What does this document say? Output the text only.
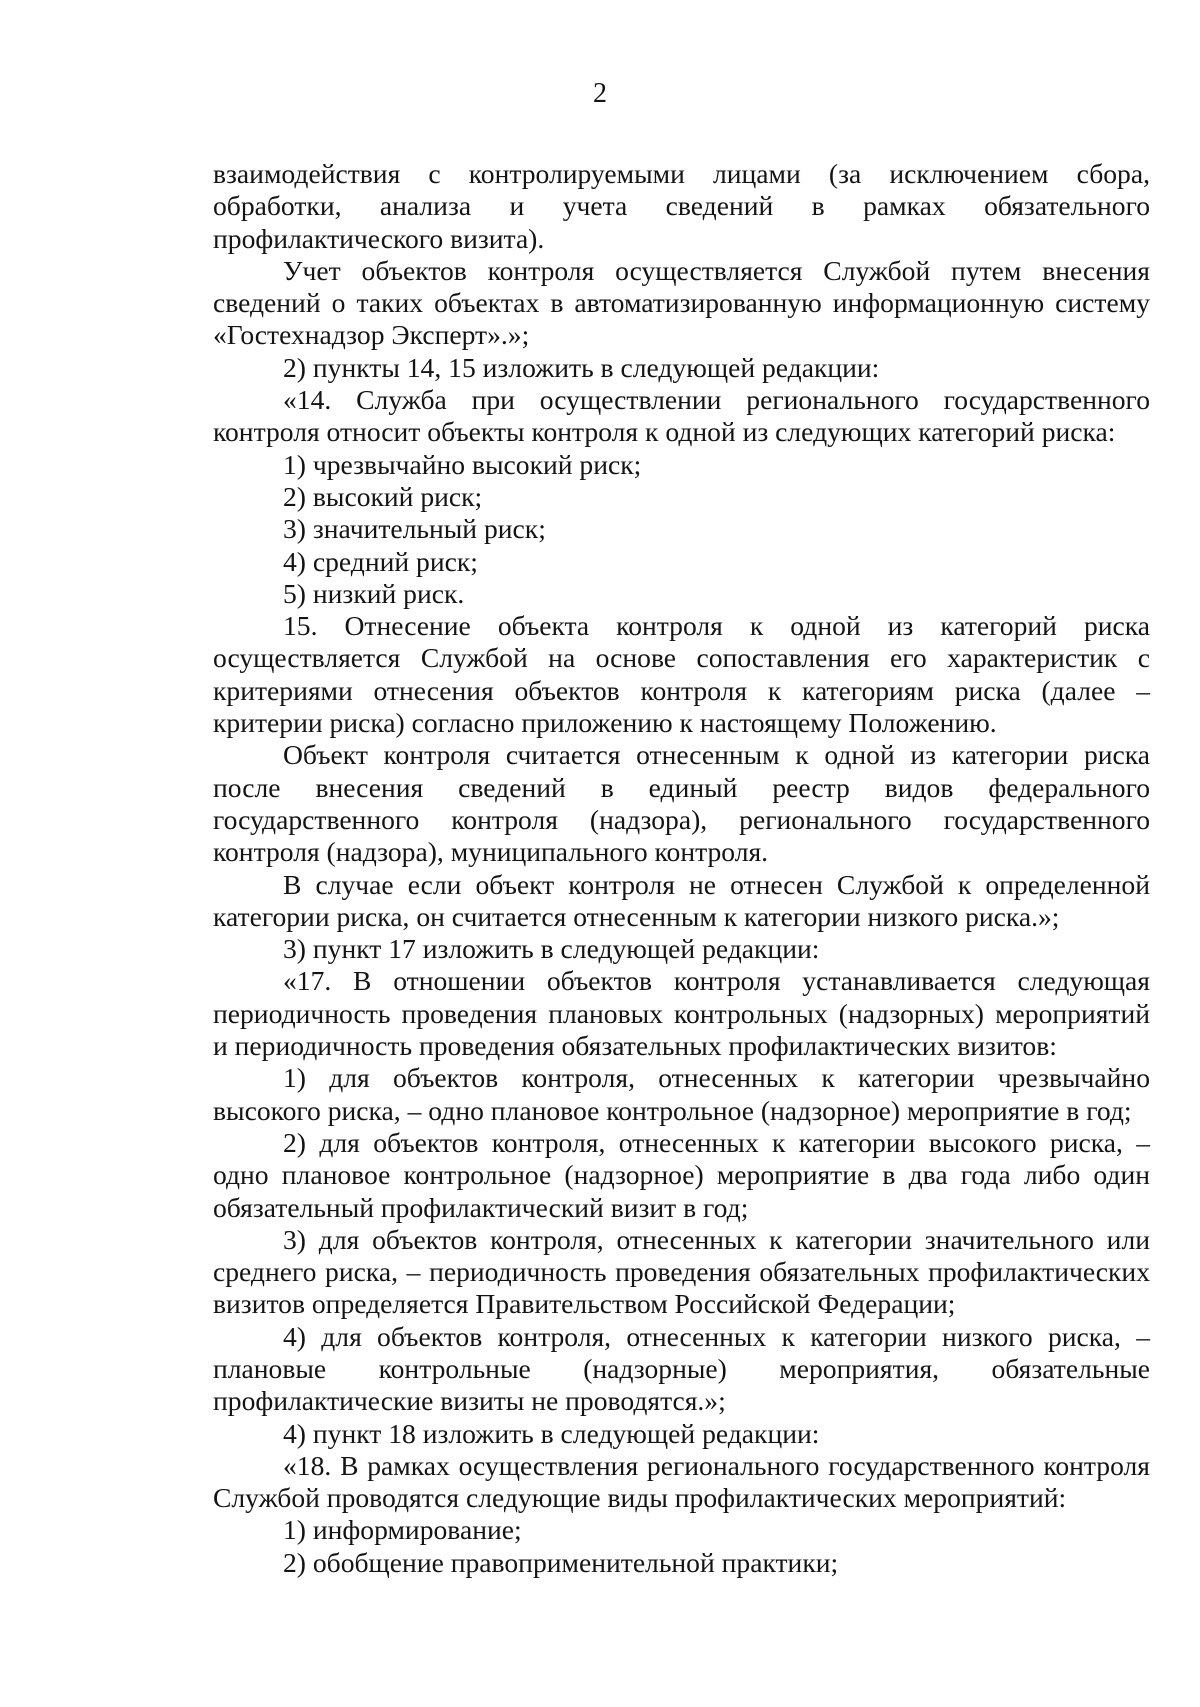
2

взаимодействия с контролируемыми лицами (за исключением сбора, обработки, анализа и учета сведений в рамках обязательного профилактического визита).

Учет объектов контроля осуществляется Службой путем внесения сведений о таких объектах в автоматизированную информационную систему «Гостехнадзор Эксперт».»;

2) пункты 14, 15 изложить в следующей редакции:

«14. Служба при осуществлении регионального государственного контроля относит объекты контроля к одной из следующих категорий риска:

1) чрезвычайно высокий риск;

2) высокий риск;

3) значительный риск;

4) средний риск;

5) низкий риск.

15. Отнесение объекта контроля к одной из категорий риска осуществляется Службой на основе сопоставления его характеристик с критериями отнесения объектов контроля к категориям риска (далее – критерии риска) согласно приложению к настоящему Положению.

Объект контроля считается отнесенным к одной из категории риска после внесения сведений в единый реестр видов федерального государственного контроля (надзора), регионального государственного контроля (надзора), муниципального контроля.

В случае если объект контроля не отнесен Службой к определенной категории риска, он считается отнесенным к категории низкого риска.»;

3) пункт 17 изложить в следующей редакции:

«17. В отношении объектов контроля устанавливается следующая периодичность проведения плановых контрольных (надзорных) мероприятий и периодичность проведения обязательных профилактических визитов:

1) для объектов контроля, отнесенных к категории чрезвычайно высокого риска, – одно плановое контрольное (надзорное) мероприятие в год;

2) для объектов контроля, отнесенных к категории высокого риска, – одно плановое контрольное (надзорное) мероприятие в два года либо один обязательный профилактический визит в год;

3) для объектов контроля, отнесенных к категории значительного или среднего риска, – периодичность проведения обязательных профилактических визитов определяется Правительством Российской Федерации;

4) для объектов контроля, отнесенных к категории низкого риска, – плановые контрольные (надзорные) мероприятия, обязательные профилактические визиты не проводятся.»;

4) пункт 18 изложить в следующей редакции:

«18. В рамках осуществления регионального государственного контроля Службой проводятся следующие виды профилактических мероприятий:

1) информирование;

2) обобщение правоприменительной практики;
